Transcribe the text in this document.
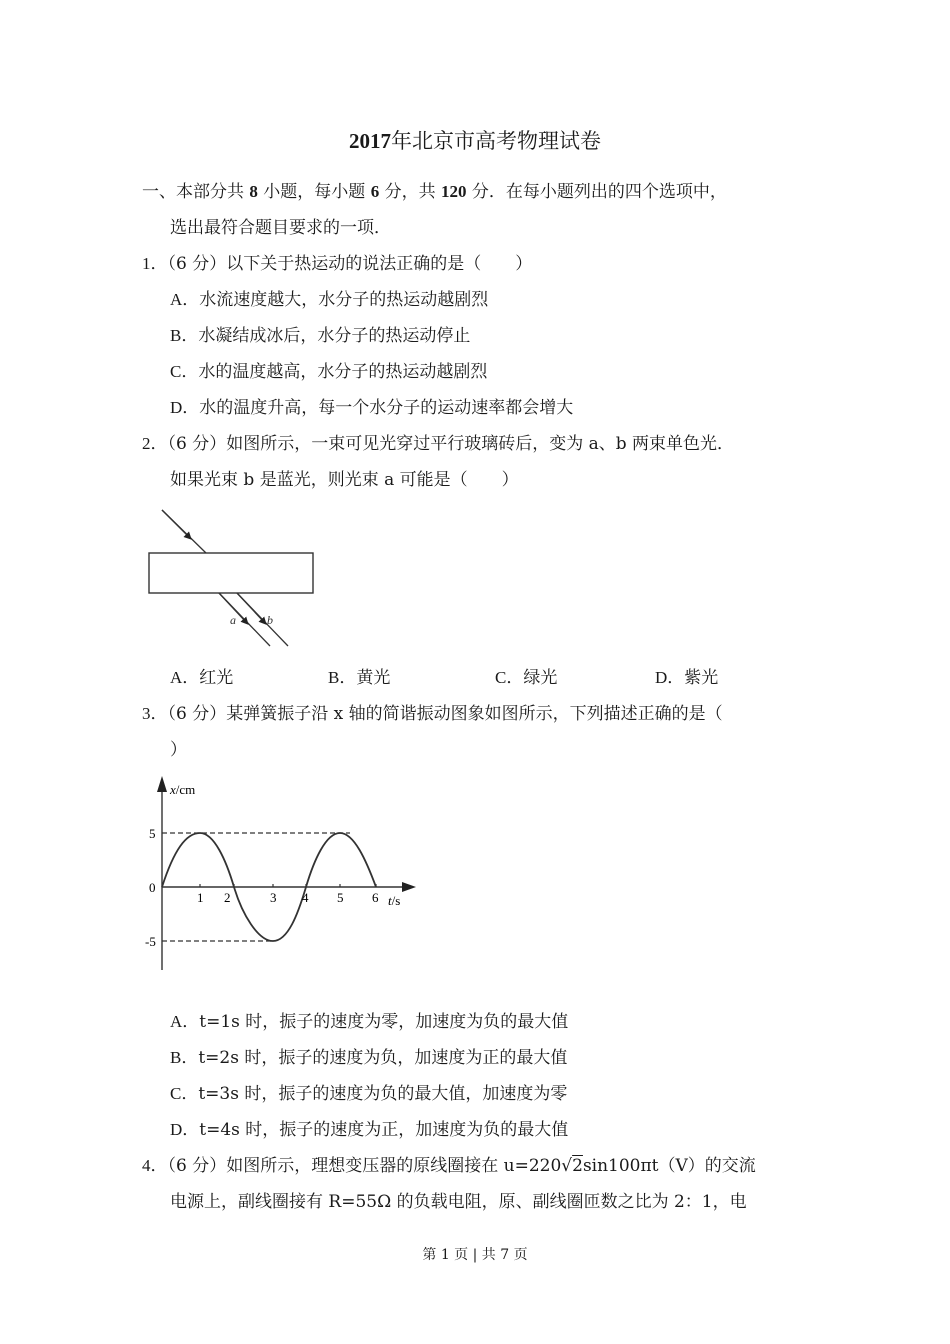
2017年北京市高考物理试卷
一、本部分共 8 小题，每小题 6 分，共 120 分．在每小题列出的四个选项中，
选出最符合题目要求的一项．
1．（6 分）以下关于热运动的说法正确的是（　　）
A．水流速度越大，水分子的热运动越剧烈
B．水凝结成冰后，水分子的热运动停止
C．水的温度越高，水分子的热运动越剧烈
D．水的温度升高，每一个水分子的运动速率都会增大
2．（6 分）如图所示，一束可见光穿过平行玻璃砖后，变为 a、b 两束单色光．
如果光束 b 是蓝光，则光束 a 可能是（　　）
a	b
A．红光	B．黄光	C．绿光	D．紫光
3．（6 分）某弹簧振子沿 x 轴的简谐振动图象如图所示，下列描述正确的是（
）
x/cm
t/s
5
0
-5
1 2	3 4 5 6
A．t=1s 时，振子的速度为零，加速度为负的最大值
B．t=2s 时，振子的速度为负，加速度为正的最大值
C．t=3s 时，振子的速度为负的最大值，加速度为零
D．t=4s 时，振子的速度为正，加速度为负的最大值
4．（6 分）如图所示，理想变压器的原线圈接在 u=220√2sin100πt（V）的交流
电源上，副线圈接有 R=55Ω 的负载电阻，原、副线圈匝数之比为 2：1，电
第 1 页 | 共 7 页
